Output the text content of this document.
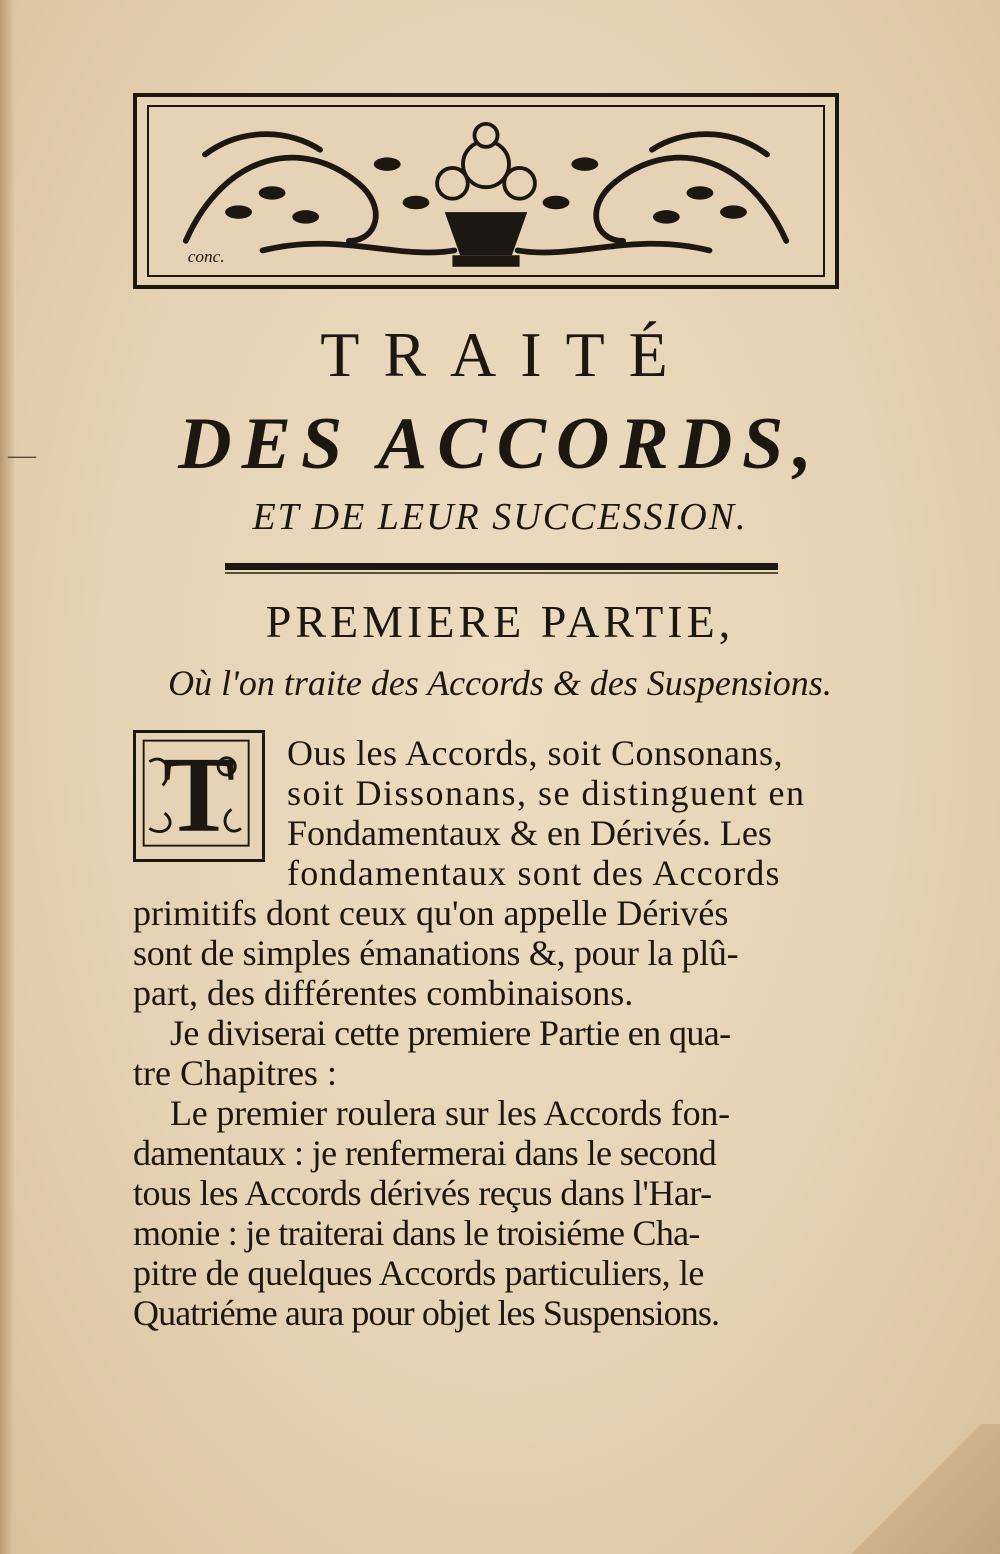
—
conc.
TRAITÉ
DES ACCORDS,
ET DE LEUR SUCCESSION.
PREMIERE PARTIE,
Où l'on traite des Accords & des Suspensions.
T	Ous les Accords, soit Consonans,
soit Dissonans, se distinguent en
Fondamentaux & en Dérivés. Les
fondamentaux sont des Accords
primitifs dont ceux qu'on appelle Dérivés
sont de simples émanations &, pour la plû-
part, des différentes combinaisons.
Je diviserai cette premiere Partie en qua-
tre Chapitres :
Le premier roulera sur les Accords fon-
damentaux : je renfermerai dans le second
tous les Accords dérivés reçus dans l'Har-
monie : je traiterai dans le troisiéme Cha-
pitre de quelques Accords particuliers, le
Quatriéme aura pour objet les Suspensions.
